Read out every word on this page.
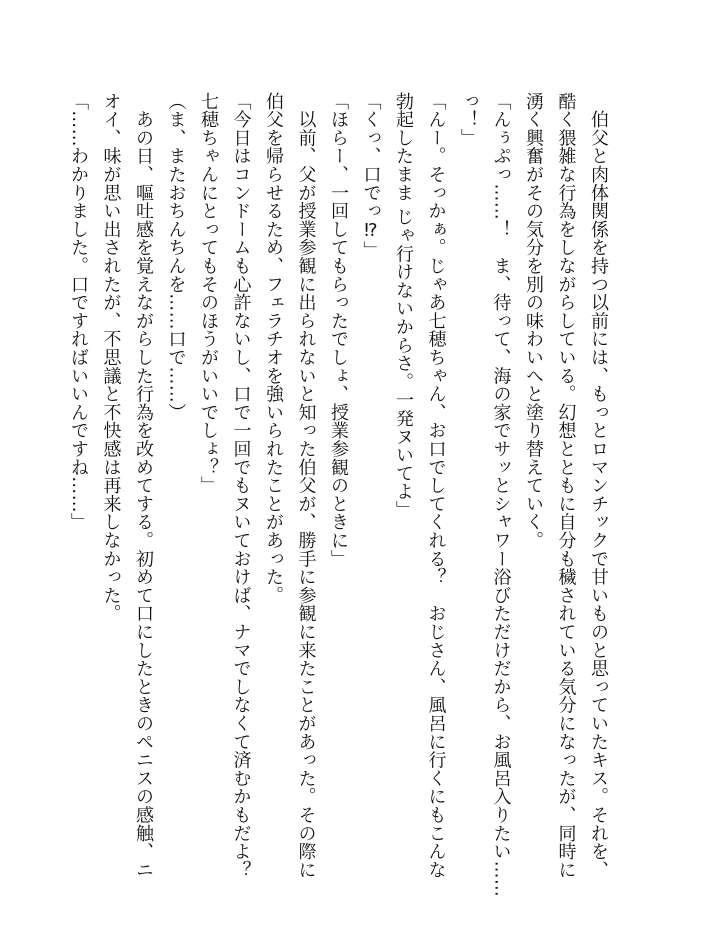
　伯父と肉体関係を持つ以前には、もっとロマンチックで甘いものと思っていたキス。それを、
酷く猥雑な行為をしながらしている。幻想とともに自分も穢されている気分になったが、同時に
湧く興奮がその気分を別の味わいへと塗り替えていく。
「んぅぷっ……！　ま、待って、海の家でサッとシャワー浴びただけだから、お風呂入りたい……
っ！」
「んー。そっかぁ。じゃあ七穂ちゃん、お口でしてくれる？　おじさん、風呂に行くにもこんな
勃起したまま じゃ行けないからさ。一発ヌいてよ」
「くっ、口でっ⁉」
「ほらー、一回してもらったでしょ、授業参観のときに」
　以前、父が授業参観に出られないと知った伯父が、勝手に参観に来たことがあった。その際に
伯父を帰らせるため、フェラチオを強いられたことがあった。
「今日はコンドームも心許ないし、口で一回でもヌいておけば、ナマでしなくて済むかもだよ？
七穂ちゃんにとってもそのほうがいいでしょ？」
（ま、またおちんちんを……口で……）
　あの日、嘔吐感を覚えながらした行為を改めてする。初めて口にしたときのペニスの感触、ニ
オイ、味が思い出されたが、不思議と不快感は再来しなかった。
「……わかりました。口ですればいいんですね……」
